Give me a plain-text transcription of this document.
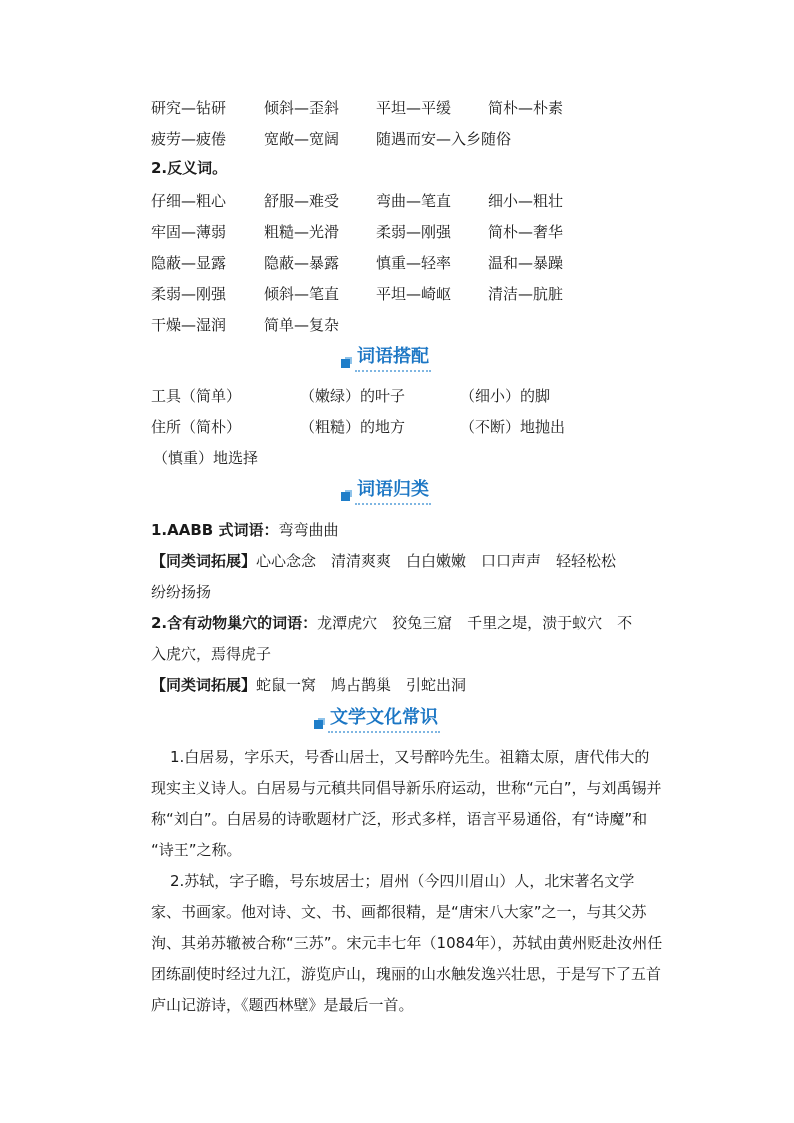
研究—钻研	倾斜—歪斜 平坦—平缓 简朴—朴素
疲劳—疲倦	宽敞—宽阔 随遇而安—入乡随俗
2.反义词。
仔细—粗心	舒服—难受 弯曲—笔直 细小—粗壮
牢固—薄弱	粗糙—光滑 柔弱—刚强 简朴—奢华
隐蔽—显露	隐蔽—暴露 慎重—轻率 温和—暴躁
柔弱—刚强	倾斜—笔直 平坦—崎岖 清洁—肮脏
干燥—湿润	简单—复杂
词语搭配
工具（简单）	（嫩绿）的叶子	（细小）的脚
住所（简朴）	（粗糙）的地方	（不断）地抛出
（慎重）地选择
词语归类
1.AABB 式词语：弯弯曲曲
【同类词拓展】心心念念　清清爽爽　白白嫩嫩　口口声声　轻轻松松
纷纷扬扬
2.含有动物巢穴的词语：龙潭虎穴　狡兔三窟　千里之堤，溃于蚁穴　不
入虎穴，焉得虎子
【同类词拓展】蛇鼠一窝　鸠占鹊巢　引蛇出洞
文学文化常识
1.白居易，字乐天，号香山居士，又号醉吟先生。祖籍太原，唐代伟大的
现实主义诗人。白居易与元稹共同倡导新乐府运动，世称“元白”，与刘禹锡并
称“刘白”。白居易的诗歌题材广泛，形式多样，语言平易通俗，有“诗魔”和
“诗王”之称。
2.苏轼，字子瞻，号东坡居士；眉州（今四川眉山）人，北宋著名文学
家、书画家。他对诗、文、书、画都很精，是“唐宋八大家”之一，与其父苏
洵、其弟苏辙被合称“三苏”。宋元丰七年（1084年），苏轼由黄州贬赴汝州任
团练副使时经过九江，游览庐山，瑰丽的山水触发逸兴壮思，于是写下了五首
庐山记游诗，《题西林壁》是最后一首。
